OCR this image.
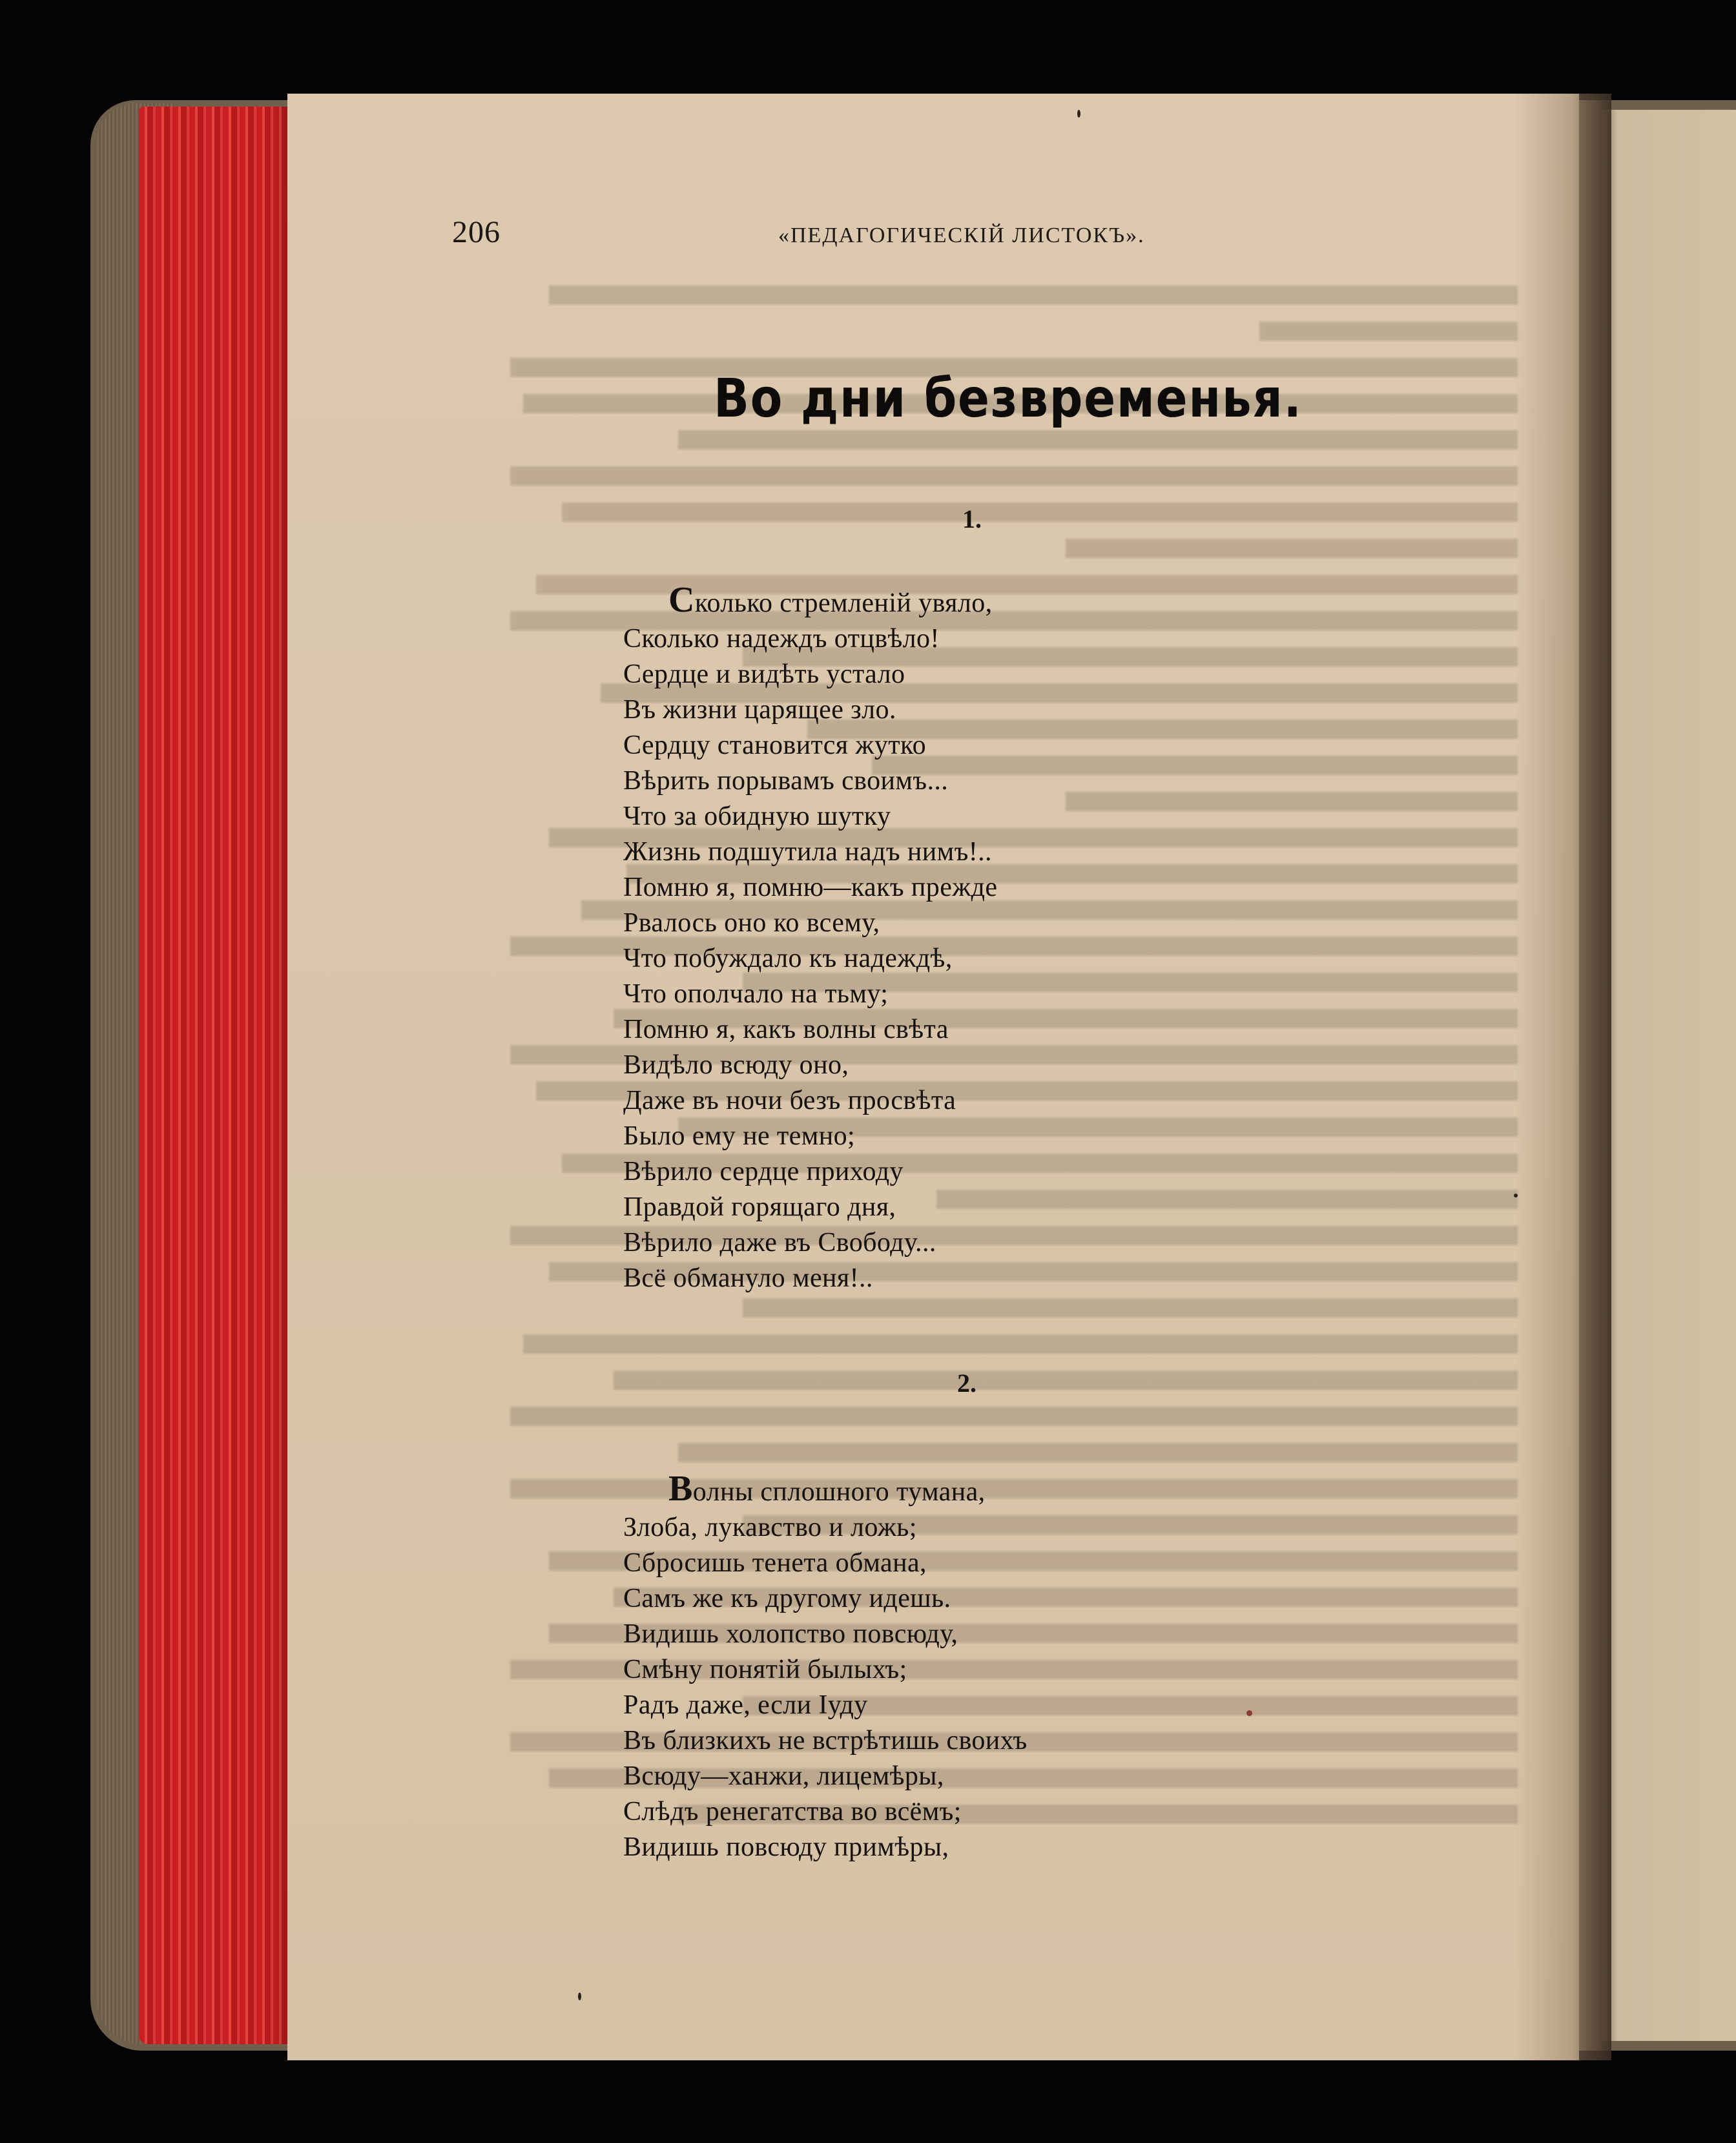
206	«ПЕДАГОГИЧЕСКІЙ ЛИСТОКЪ».
Во дни безвременья.
1.
Сколько стремленій увяло,
Сколько надеждъ отцвѣло!
Сердце и видѣть устало
Въ жизни царящее зло.
Сердцу становится жутко
Вѣрить порывамъ своимъ...
Что за обидную шутку
Жизнь подшутила надъ нимъ!..
Помню я, помню—какъ прежде
Рвалось оно ко всему,
Что побуждало къ надеждѣ,
Что ополчало на тьму;
Помню я, какъ волны свѣта
Видѣло всюду оно,
Даже въ ночи безъ просвѣта
Было ему не темно;
Вѣрило сердце приходу
Правдой горящаго дня,
Вѣрило даже въ Свободу...
Всё обмануло меня!..
2.
Волны сплошного тумана,
Злоба, лукавство и ложь;
Сбросишь тенета обмана,
Самъ же къ другому идешь.
Видишь холопство повсюду,
Смѣну понятій былыхъ;
Радъ даже, если Іуду
Въ близкихъ не встрѣтишь своихъ
Всюду—ханжи, лицемѣры,
Слѣдъ ренегатства во всёмъ;
Видишь повсюду примѣры,
